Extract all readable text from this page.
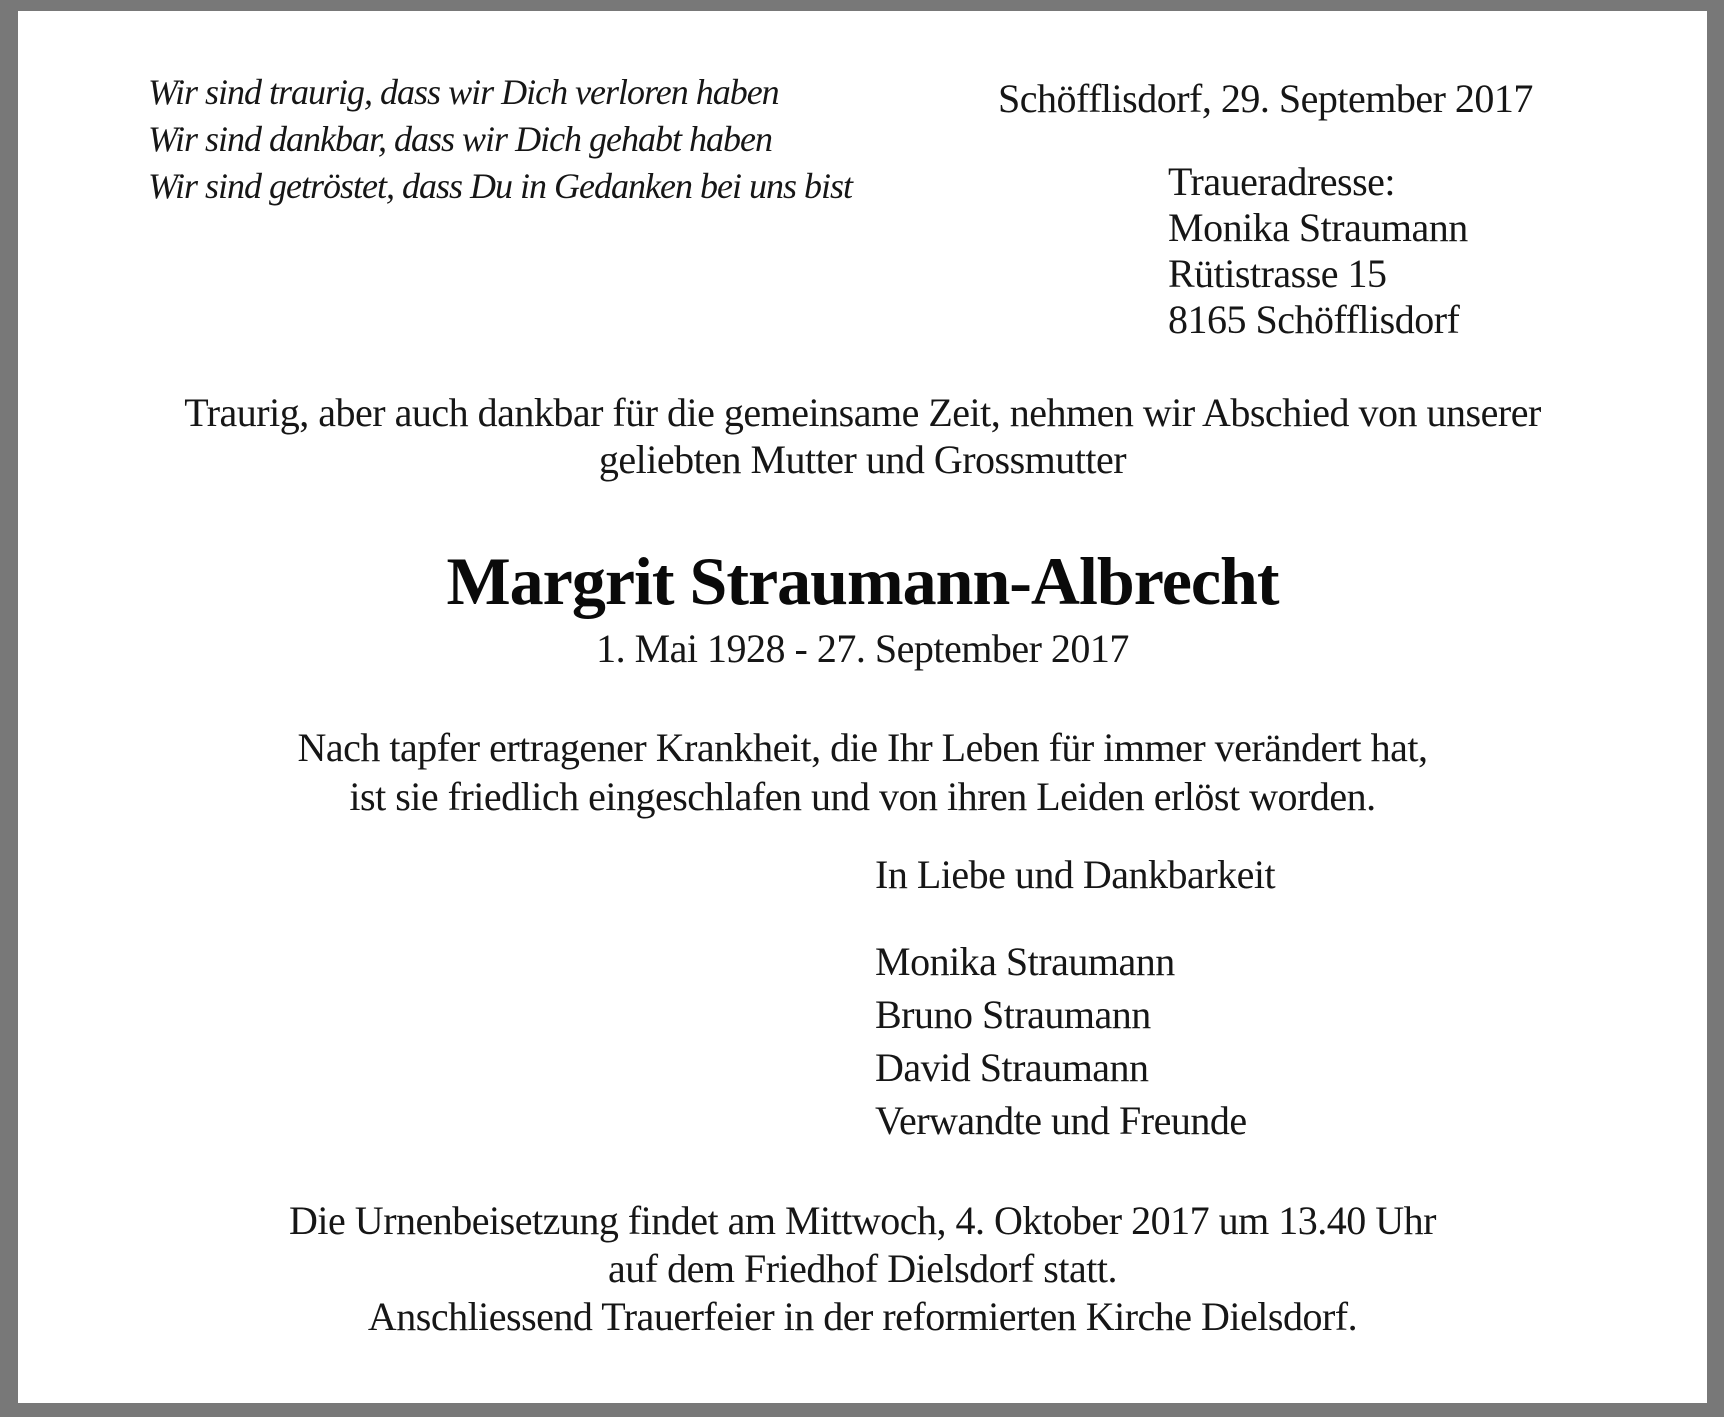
Wir sind traurig, dass wir Dich verloren haben
Wir sind dankbar, dass wir Dich gehabt haben
Wir sind getröstet, dass Du in Gedanken bei uns bist
Schöfflisdorf, 29. September 2017
Traueradresse:
Monika Straumann
Rütistrasse 15
8165 Schöfflisdorf
Traurig, aber auch dankbar für die gemeinsame Zeit, nehmen wir Abschied von unserer
geliebten Mutter und Grossmutter
Margrit Straumann-Albrecht
1. Mai 1928 - 27. September 2017
Nach tapfer ertragener Krankheit, die Ihr Leben für immer verändert hat,
ist sie friedlich eingeschlafen und von ihren Leiden erlöst worden.
In Liebe und Dankbarkeit
Monika Straumann
Bruno Straumann
David Straumann
Verwandte und Freunde
Die Urnenbeisetzung findet am Mittwoch, 4. Oktober 2017 um 13.40 Uhr
auf dem Friedhof Dielsdorf statt.
Anschliessend Trauerfeier in der reformierten Kirche Dielsdorf.
